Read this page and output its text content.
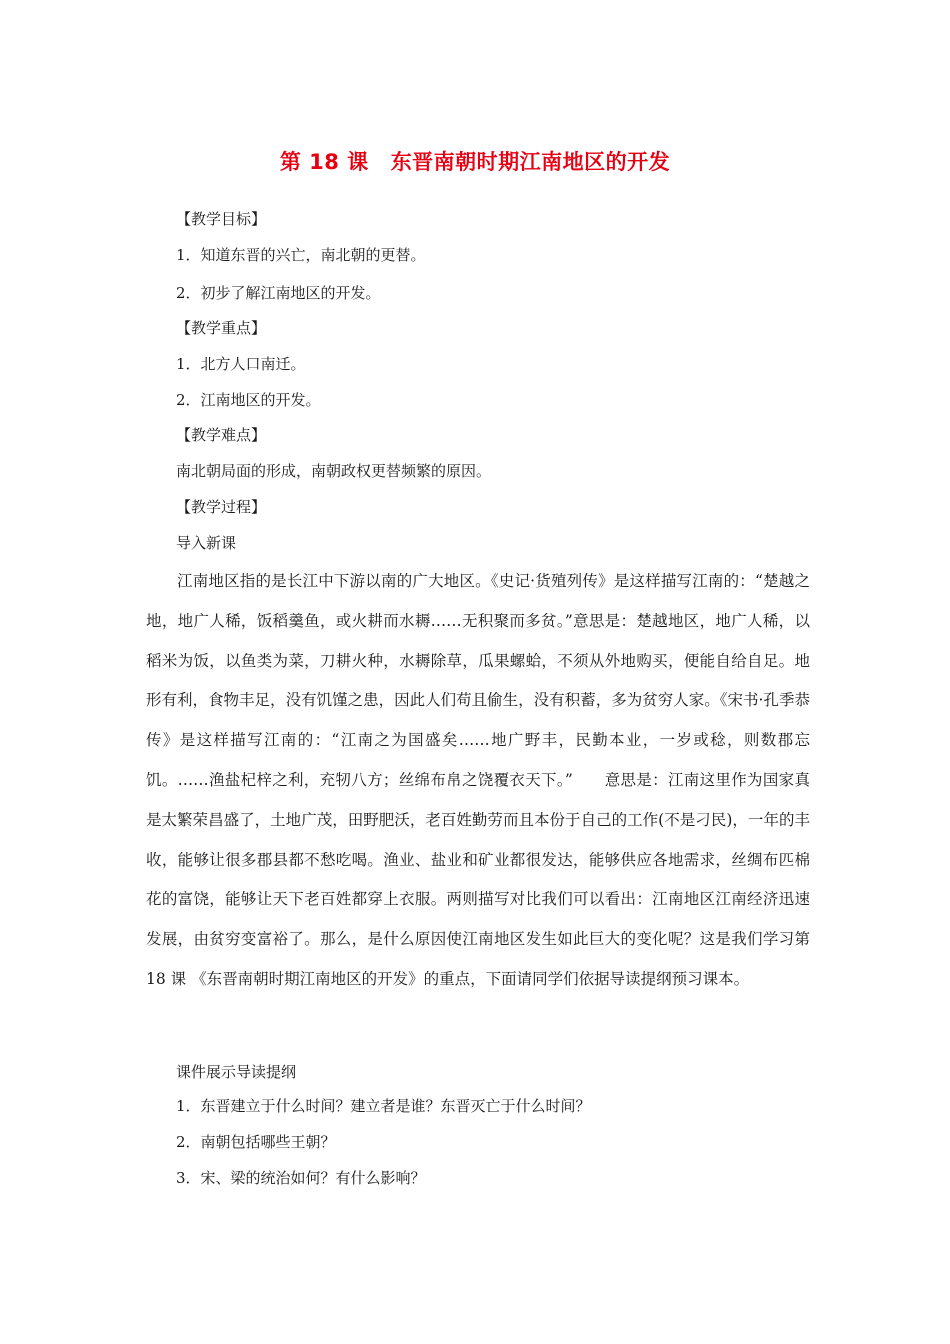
第 18 课 东晋南朝时期江南地区的开发
【教学目标】
1．知道东晋的兴亡，南北朝的更替。
2．初步了解江南地区的开发。
【教学重点】
1．北方人口南迁。
2．江南地区的开发。
【教学难点】
南北朝局面的形成，南朝政权更替频繁的原因。
【教学过程】
导入新课
江南地区指的是长江中下游以南的广大地区。《史记·货殖列传》是这样描写江南的：“楚越之地，地广人稀，饭稻羹鱼，或火耕而水耨……无积聚而多贫。”意思是：楚越地区，地广人稀，以稻米为饭，以鱼类为菜，刀耕火种，水耨除草，瓜果螺蛤，不须从外地购买，便能自给自足。地形有利，食物丰足，没有饥馑之患，因此人们苟且偷生，没有积蓄，多为贫穷人家。《宋书·孔季恭传》是这样描写江南的：“江南之为国盛矣……地广野丰，民勤本业，一岁或稔，则数郡忘饥。……渔盐杞梓之利，充牣八方；丝绵布帛之饶覆衣天下。”　　意思是：江南这里作为国家真是太繁荣昌盛了，土地广茂，田野肥沃，老百姓勤劳而且本份于自己的工作(不是刁民)，一年的丰收，能够让很多郡县都不愁吃喝。渔业、盐业和矿业都很发达，能够供应各地需求，丝绸布匹棉花的富饶，能够让天下老百姓都穿上衣服。两则描写对比我们可以看出：江南地区江南经济迅速发展，由贫穷变富裕了。那么，是什么原因使江南地区发生如此巨大的变化呢？这是我们学习第 18 课 《东晋南朝时期江南地区的开发》的重点，下面请同学们依据导读提纲预习课本。
课件展示导读提纲
1．东晋建立于什么时间？建立者是谁？东晋灭亡于什么时间？
2．南朝包括哪些王朝？
3．宋、梁的统治如何？有什么影响？
